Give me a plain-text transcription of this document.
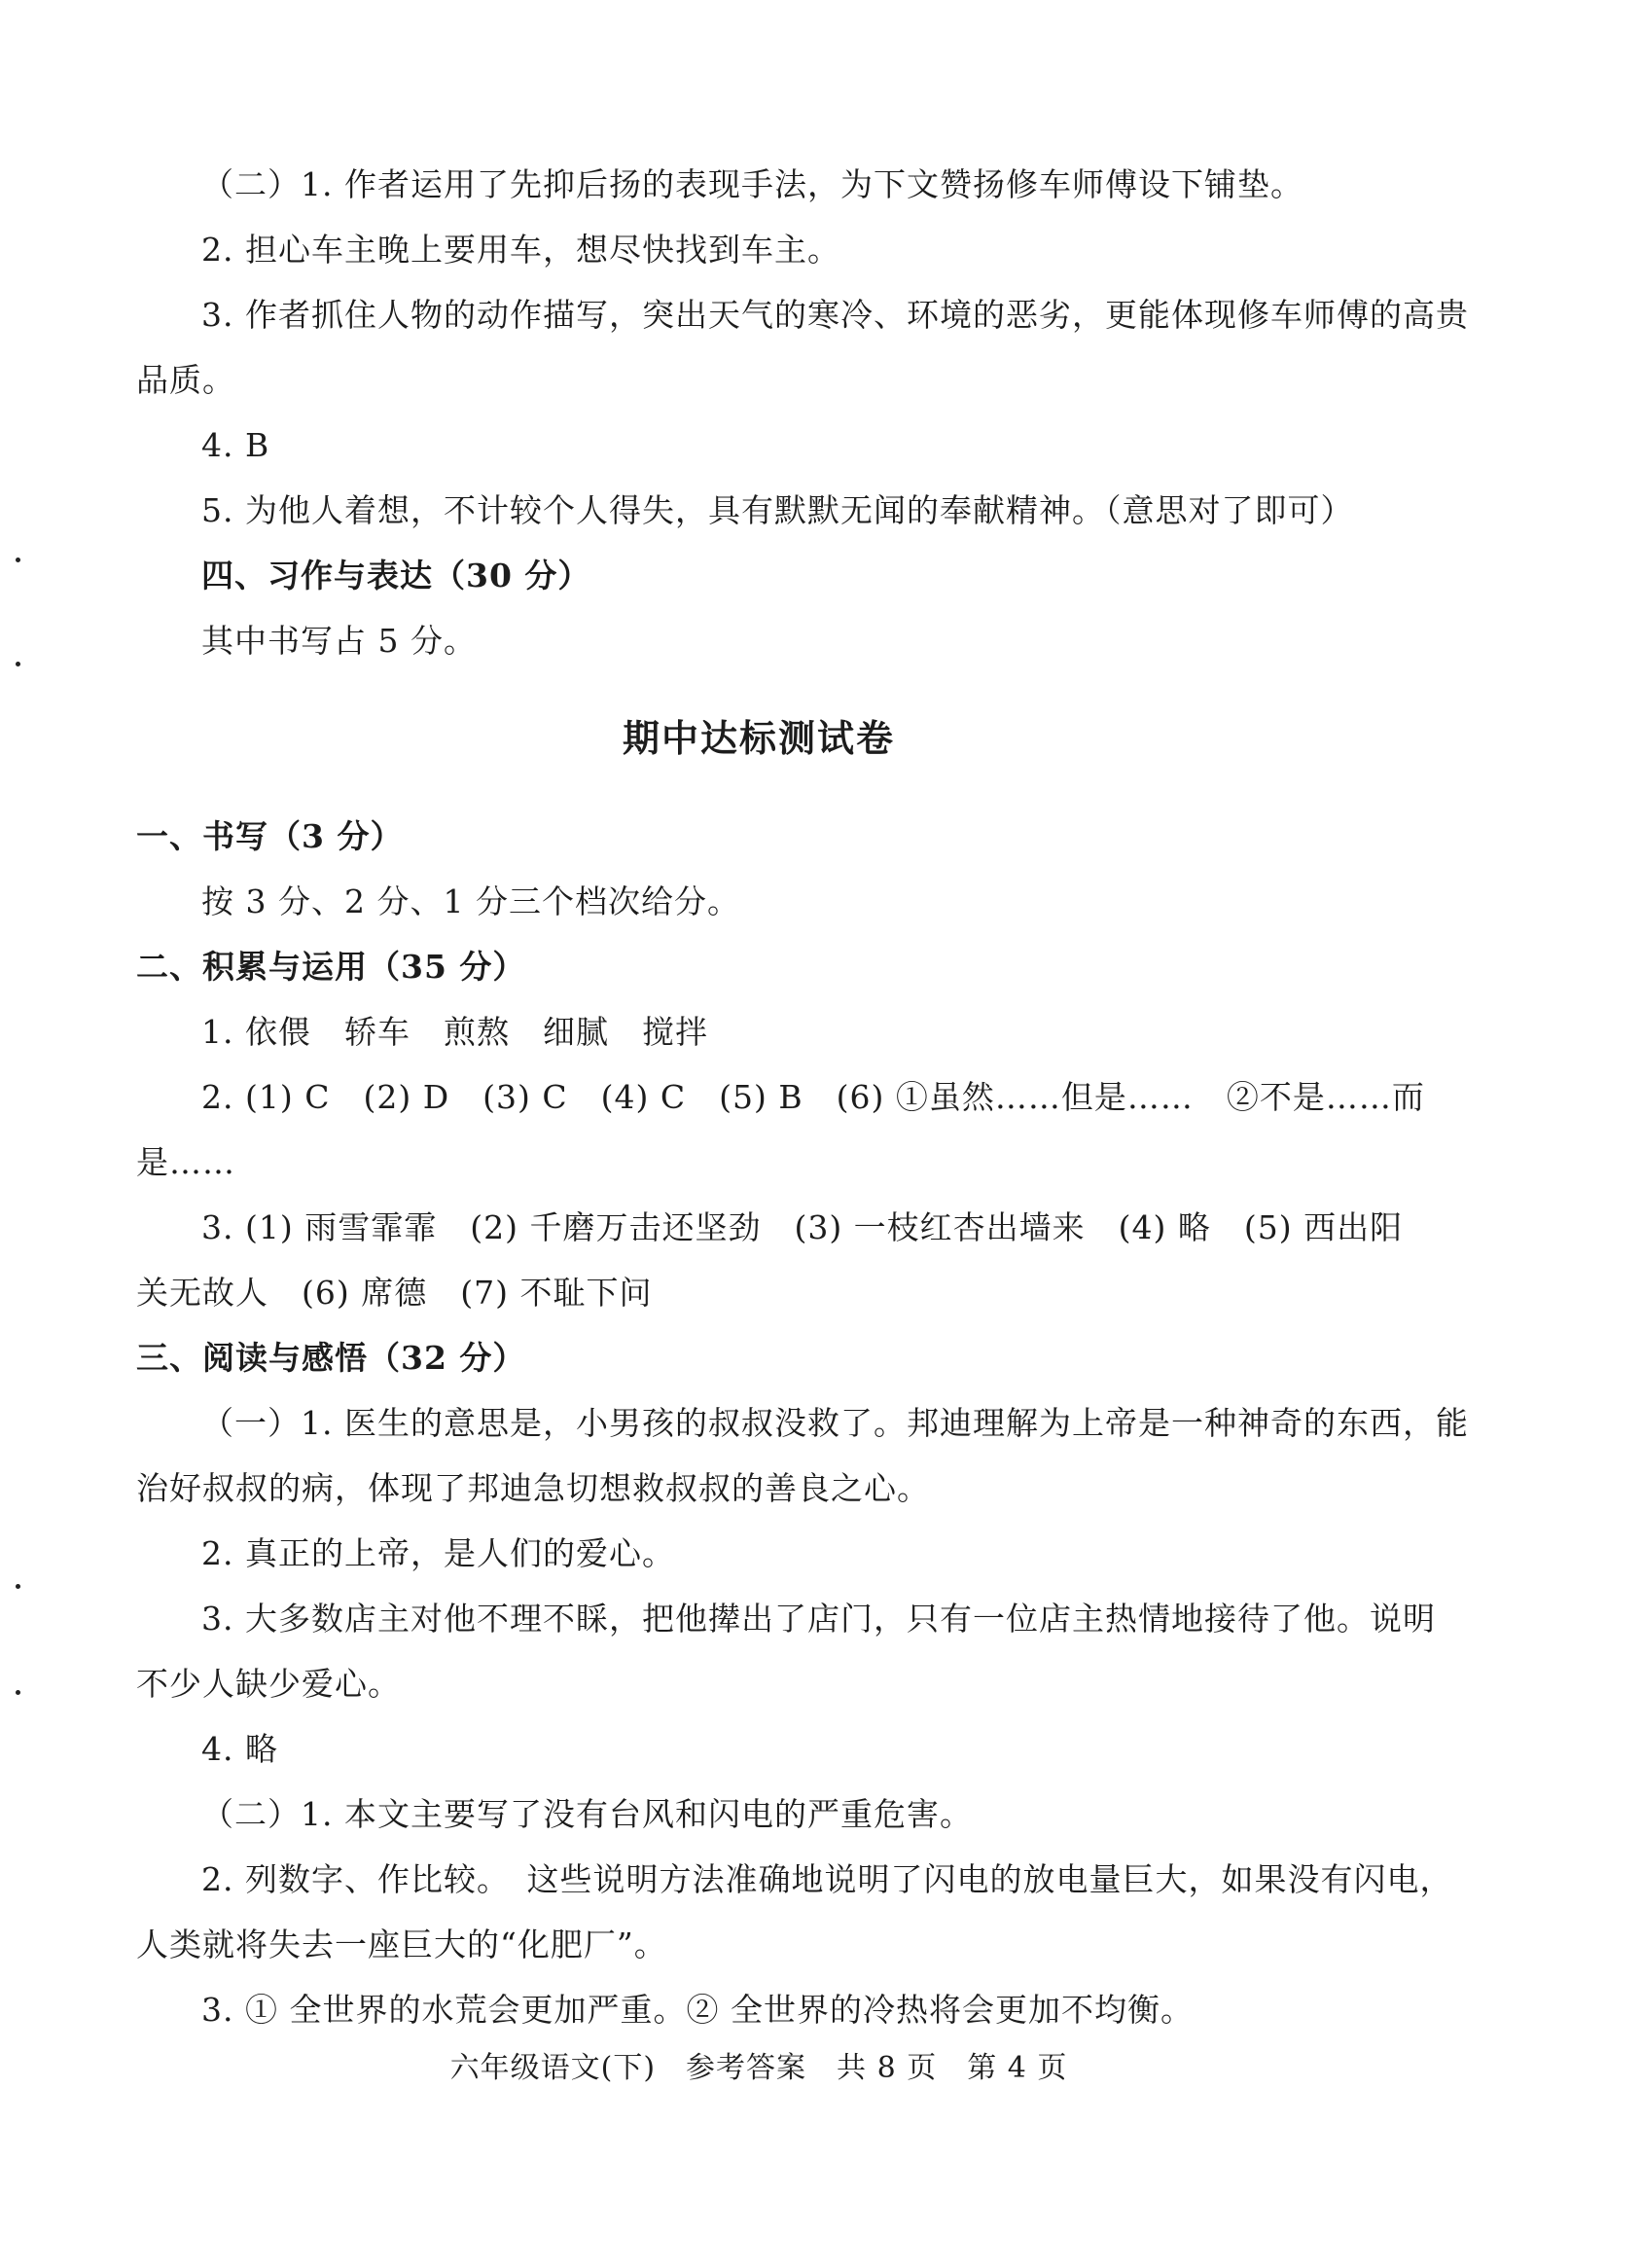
（二）1. 作者运用了先抑后扬的表现手法，为下文赞扬修车师傅设下铺垫。
2. 担心车主晚上要用车，想尽快找到车主。
3. 作者抓住人物的动作描写，突出天气的寒冷、环境的恶劣，更能体现修车师傅的高贵
品质。
4. B
5. 为他人着想，不计较个人得失，具有默默无闻的奉献精神。（意思对了即可）
四、习作与表达（30 分）
其中书写占 5 分。
期中达标测试卷
一、书写（3 分）
按 3 分、2 分、1 分三个档次给分。
二、积累与运用（35 分）
1. 依偎　轿车　煎熬　细腻　搅拌
2. (1) C　(2) D　(3) C　(4) C　(5) B　(6) ①虽然……但是……　②不是……而
是……
3. (1) 雨雪霏霏　(2) 千磨万击还坚劲　(3) 一枝红杏出墙来　(4) 略　(5) 西出阳
关无故人　(6) 席德　(7) 不耻下问
三、阅读与感悟（32 分）
（一）1. 医生的意思是，小男孩的叔叔没救了。邦迪理解为上帝是一种神奇的东西，能
治好叔叔的病，体现了邦迪急切想救叔叔的善良之心。
2. 真正的上帝，是人们的爱心。
3. 大多数店主对他不理不睬，把他撵出了店门，只有一位店主热情地接待了他。说明
不少人缺少爱心。
4. 略
（二）1. 本文主要写了没有台风和闪电的严重危害。
2. 列数字、作比较。　这些说明方法准确地说明了闪电的放电量巨大，如果没有闪电，
人类就将失去一座巨大的“化肥厂”。
3. ① 全世界的水荒会更加严重。② 全世界的冷热将会更加不均衡。
六年级语文(下)　参考答案　共 8 页　第 4 页
